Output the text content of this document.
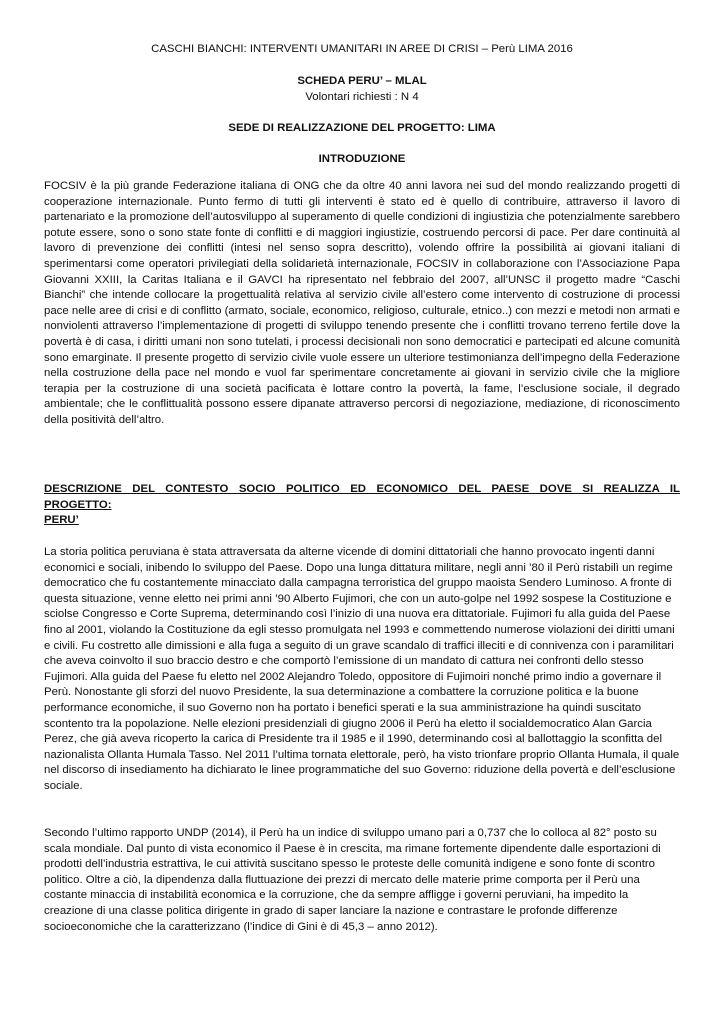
CASCHI BIANCHI: INTERVENTI UMANITARI IN AREE DI CRISI – Perù LIMA 2016
SCHEDA PERU’ – MLAL
Volontari richiesti : N 4
SEDE DI REALIZZAZIONE DEL PROGETTO: LIMA
INTRODUZIONE

FOCSIV è la più grande Federazione italiana di ONG che da oltre 40 anni lavora nei sud del mondo realizzando progetti di cooperazione internazionale. Punto fermo di tutti gli interventi è stato ed è quello di contribuire, attraverso il lavoro di partenariato e la promozione dell’autosviluppo al superamento di quelle condizioni di ingiustizia che potenzialmente sarebbero potute essere, sono o sono state fonte di conflitti e di maggiori ingiustizie, costruendo percorsi di pace. Per dare continuità al lavoro di prevenzione dei conflitti (intesi nel senso sopra descritto), volendo offrire la possibilità ai giovani italiani di sperimentarsi come operatori privilegiati della solidarietà internazionale, FOCSIV in collaborazione con l’Associazione Papa Giovanni XXIII, la Caritas Italiana e il GAVCI ha ripresentato nel febbraio del 2007, all’UNSC il progetto madre “Caschi Bianchi” che intende collocare la progettualità relativa al servizio civile all’estero come intervento di costruzione di processi pace nelle aree di crisi e di conflitto (armato, sociale, economico, religioso, culturale, etnico..) con mezzi e metodi non armati e nonviolenti attraverso l’implementazione di progetti di sviluppo tenendo presente che i conflitti trovano terreno fertile dove la povertà è di casa, i diritti umani non sono tutelati, i processi decisionali non sono democratici e partecipati ed alcune comunità sono emarginate. Il presente progetto di servizio civile vuole essere un ulteriore testimonianza dell’impegno della Federazione nella costruzione della pace nel mondo e vuol far sperimentare concretamente ai giovani in servizio civile che la migliore terapia per la costruzione di una società pacificata è lottare contro la povertà, la fame, l’esclusione sociale, il degrado ambientale; che le conflittualità possono essere dipanate attraverso percorsi di negoziazione, mediazione, di riconoscimento della positività dell’altro.

DESCRIZIONE DEL CONTESTO SOCIO POLITICO ED ECONOMICO DEL PAESE DOVE SI REALIZZA IL
PROGETTO:
PERU’

La storia politica peruviana è stata attraversata da alterne vicende di domini dittatoriali che hanno provocato ingenti danni economici e sociali, inibendo lo sviluppo del Paese. Dopo una lunga dittatura militare, negli anni ’80 il Perù ristabilì un regime democratico che fu costantemente minacciato dalla campagna terroristica del gruppo maoista Sendero Luminoso. A fronte di questa situazione, venne eletto nei primi anni ’90 Alberto Fujimori, che con un auto-golpe nel 1992 sospese la Costituzione e sciolse Congresso e Corte Suprema, determinando così l’inizio di una nuova era dittatoriale. Fujimori fu alla guida del Paese fino al 2001, violando la Costituzione da egli stesso promulgata nel 1993 e commettendo numerose violazioni dei diritti umani e civili. Fu costretto alle dimissioni e alla fuga a seguito di un grave scandalo di traffici illeciti e di connivenza con i paramilitari che aveva coinvolto il suo braccio destro e che comportò l’emissione di un mandato di cattura nei confronti dello stesso Fujimori. Alla guida del Paese fu eletto nel 2002 Alejandro Toledo, oppositore di Fujimoiri nonché primo indio a governare il Perù. Nonostante gli sforzi del nuovo Presidente, la sua determinazione a combattere la corruzione politica e la buone performance economiche, il suo Governo non ha portato i benefici sperati e la sua amministrazione ha quindi suscitato scontento tra la popolazione. Nelle elezioni presidenziali di giugno 2006 il Perù ha eletto il socialdemocratico Alan Garcia Perez, che già aveva ricoperto la carica di Presidente tra il 1985 e il 1990, determinando così al ballottaggio la sconfitta del nazionalista Ollanta Humala Tasso. Nel 2011 l’ultima tornata elettorale, però, ha visto trionfare proprio Ollanta Humala, il quale nel discorso di insediamento ha dichiarato le linee programmatiche del suo Governo: riduzione della povertà e dell’esclusione sociale.

Secondo l’ultimo rapporto UNDP (2014), il Perù ha un indice di sviluppo umano pari a 0,737 che lo colloca al 82° posto su scala mondiale. Dal punto di vista economico il Paese è in crescita, ma rimane fortemente dipendente dalle esportazioni di prodotti dell’industria estrattiva, le cui attività suscitano spesso le proteste delle comunità indigene e sono fonte di scontro politico. Oltre a ciò, la dipendenza dalla fluttuazione dei prezzi di mercato delle materie prime comporta per il Perù una costante minaccia di instabilità economica e la corruzione, che da sempre affligge i governi peruviani, ha impedito la creazione di una classe politica dirigente in grado di saper lanciare la nazione e contrastare le profonde differenze socioeconomiche che la caratterizzano (l’indice di Gini è di 45,3 – anno 2012).
